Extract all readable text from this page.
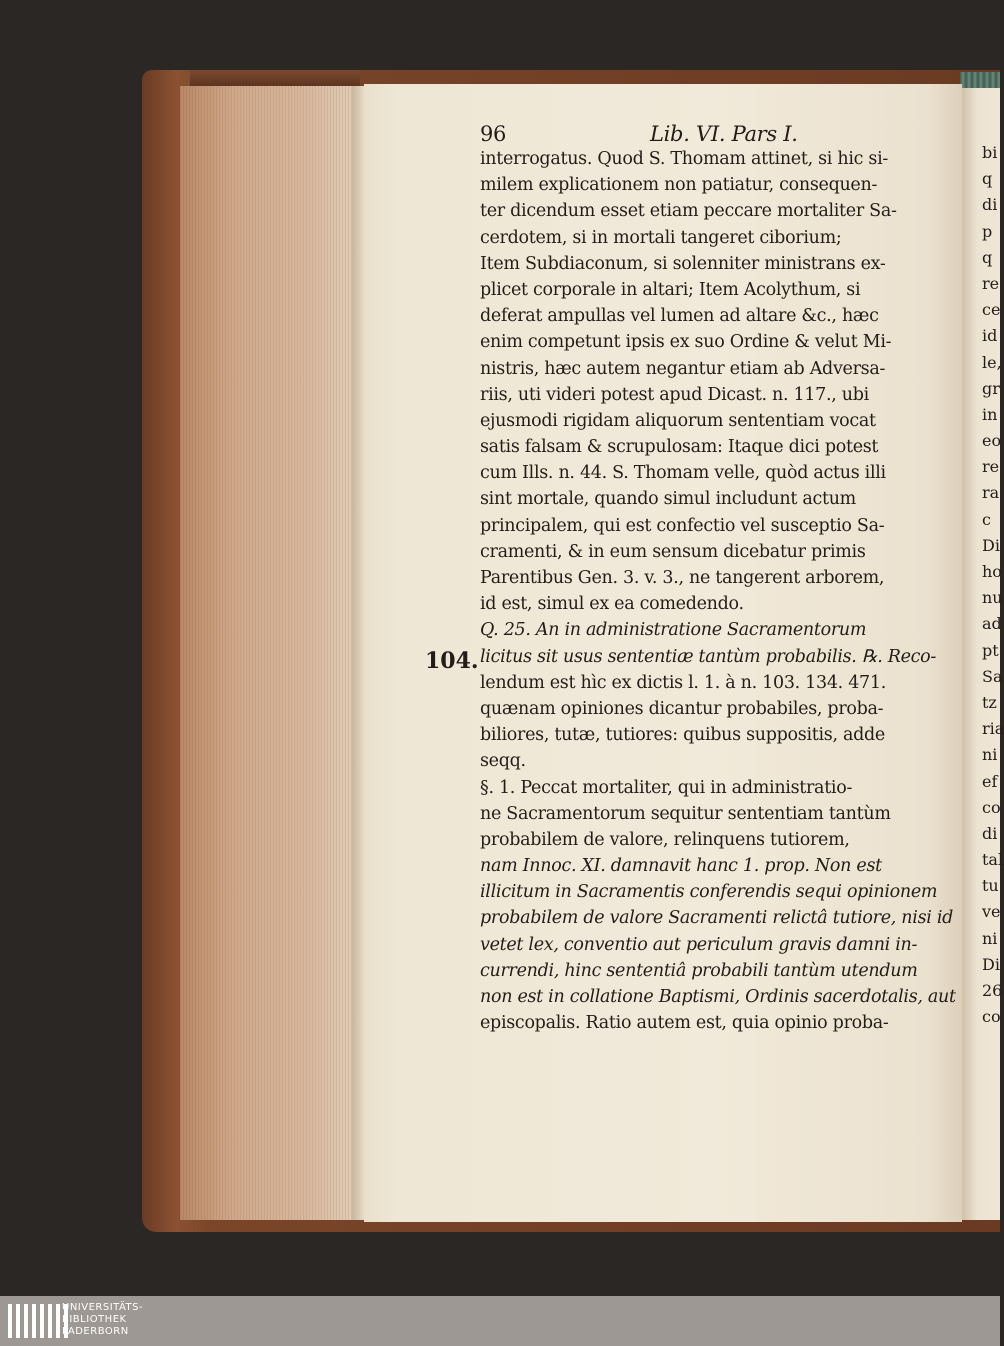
96	Lib. VI. Pars I.
interrogatus. Quod S. Thomam attinet, si hic si-
milem explicationem non patiatur, consequen-
ter dicendum esset etiam peccare mortaliter Sa-
cerdotem, si in mortali tangeret ciborium;
Item Subdiaconum, si solenniter ministrans ex-
plicet corporale in altari; Item Acolythum, si
deferat ampullas vel lumen ad altare &c., hæc
enim competunt ipsis ex suo Ordine & velut Mi-
nistris, hæc autem negantur etiam ab Adversa-
riis, uti videri potest apud Dicast. n. 117., ubi
ejusmodi rigidam aliquorum sententiam vocat
satis falsam & scrupulosam: Itaque dici potest
cum Ills. n. 44. S. Thomam velle, quòd actus illi
sint mortale, quando simul includunt actum
principalem, qui est confectio vel susceptio Sa-
cramenti, & in eum sensum dicebatur primis
Parentibus Gen. 3. v. 3., ne tangerent arborem,
id est, simul ex ea comedendo.
Q. 25. An in administratione Sacramentorum
licitus sit usus sententiæ tantùm probabilis. ℞. Reco-
lendum est hìc ex dictis l. 1. à n. 103. 134. 471.
quænam opiniones dicantur probabiles, proba-
biliores, tutæ, tutiores: quibus suppositis, adde
seqq.
§. 1. Peccat mortaliter, qui in administratio-
ne Sacramentorum sequitur sententiam tantùm
probabilem de valore, relinquens tutiorem,
nam Innoc. XI. damnavit hanc 1. prop. Non est
illicitum in Sacramentis conferendis sequi opinionem
probabilem de valore Sacramenti relictâ tutiore, nisi id
vetet lex, conventio aut periculum gravis damni in-
currendi, hinc sententiâ probabili tantùm utendum
non est in collatione Baptismi, Ordinis sacerdotalis, aut
episcopalis. Ratio autem est, quia opinio proba-
104.
bi
q
di
p
q
re
ce
id
le,
gr
in
eo
re
ra
c
Di
ho
nu
ad
pt
Sa
tz
ria
ni
ef
co
di
tal
tu
ve
ni
Di
26
co
UNIVERSITÄTS-
BIBLIOTHEK
PADERBORN
